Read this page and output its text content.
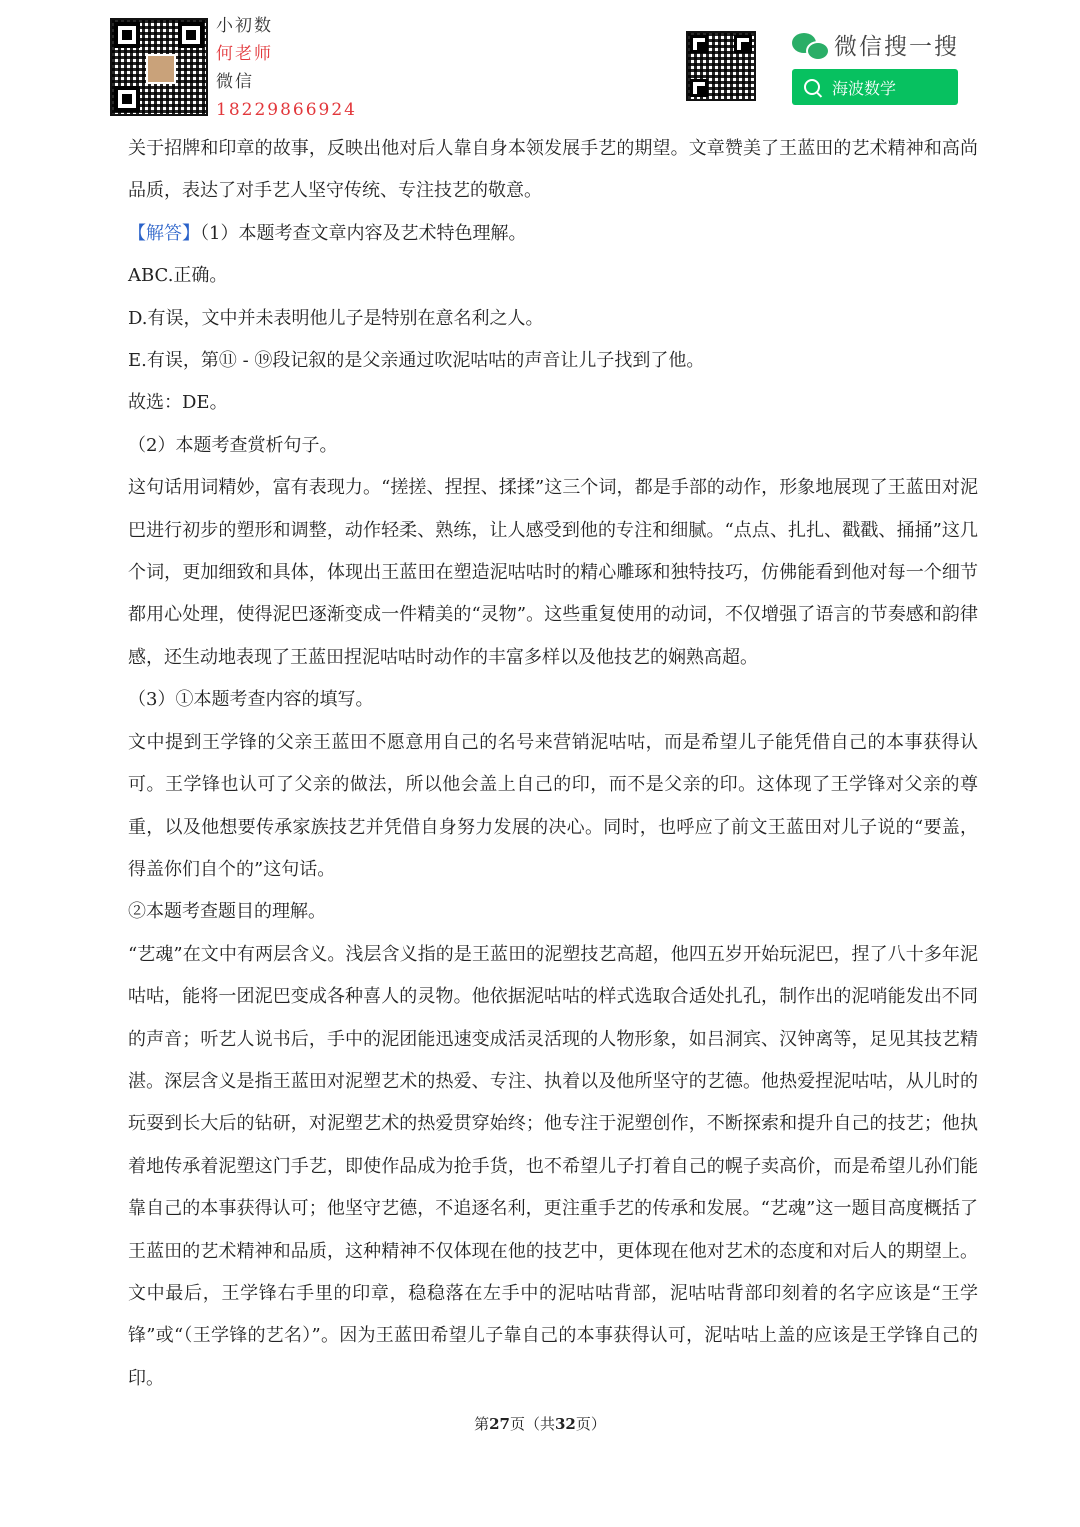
小初数
何老师
微信
18229866924
微信搜一搜
海波数学

关于招牌和印章的故事，反映出他对后人靠自身本领发展手艺的期望。文章赞美了王蓝田的艺术精神和高尚品质，表达了对手艺人坚守传统、专注技艺的敬意。

【解答】（1）本题考查文章内容及艺术特色理解。

ABC.正确。

D.有误，文中并未表明他儿子是特别在意名利之人。

E.有误，第⑪ - ⑲段记叙的是父亲通过吹泥咕咕的声音让儿子找到了他。

故选：DE。

（2）本题考查赏析句子。

这句话用词精妙，富有表现力。“搓搓、捏捏、揉揉”这三个词，都是手部的动作，形象地展现了王蓝田对泥巴进行初步的塑形和调整，动作轻柔、熟练，让人感受到他的专注和细腻。“点点、扎扎、戳戳、捅捅”这几个词，更加细致和具体，体现出王蓝田在塑造泥咕咕时的精心雕琢和独特技巧，仿佛能看到他对每一个细节都用心处理，使得泥巴逐渐变成一件精美的“灵物”。这些重复使用的动词，不仅增强了语言的节奏感和韵律感，还生动地表现了王蓝田捏泥咕咕时动作的丰富多样以及他技艺的娴熟高超。

（3）①本题考查内容的填写。

文中提到王学锋的父亲王蓝田不愿意用自己的名号来营销泥咕咕，而是希望儿子能凭借自己的本事获得认可。王学锋也认可了父亲的做法，所以他会盖上自己的印，而不是父亲的印。这体现了王学锋对父亲的尊重，以及他想要传承家族技艺并凭借自身努力发展的决心。同时，也呼应了前文王蓝田对儿子说的“要盖，得盖你们自个的”这句话。

②本题考查题目的理解。

“艺魂”在文中有两层含义。浅层含义指的是王蓝田的泥塑技艺高超，他四五岁开始玩泥巴，捏了八十多年泥咕咕，能将一团泥巴变成各种喜人的灵物。他依据泥咕咕的样式选取合适处扎孔，制作出的泥哨能发出不同的声音；听艺人说书后，手中的泥团能迅速变成活灵活现的人物形象，如吕洞宾、汉钟离等，足见其技艺精湛。深层含义是指王蓝田对泥塑艺术的热爱、专注、执着以及他所坚守的艺德。他热爱捏泥咕咕，从儿时的玩耍到长大后的钻研，对泥塑艺术的热爱贯穿始终；他专注于泥塑创作，不断探索和提升自己的技艺；他执着地传承着泥塑这门手艺，即使作品成为抢手货，也不希望儿子打着自己的幌子卖高价，而是希望儿孙们能靠自己的本事获得认可；他坚守艺德，不追逐名利，更注重手艺的传承和发展。“艺魂”这一题目高度概括了王蓝田的艺术精神和品质，这种精神不仅体现在他的技艺中，更体现在他对艺术的态度和对后人的期望上。文中最后，王学锋右手里的印章，稳稳落在左手中的泥咕咕背部，泥咕咕背部印刻着的名字应该是“王学锋”或“（王学锋的艺名）”。因为王蓝田希望儿子靠自己的本事获得认可，泥咕咕上盖的应该是王学锋自己的印。

第27页（共32页）
